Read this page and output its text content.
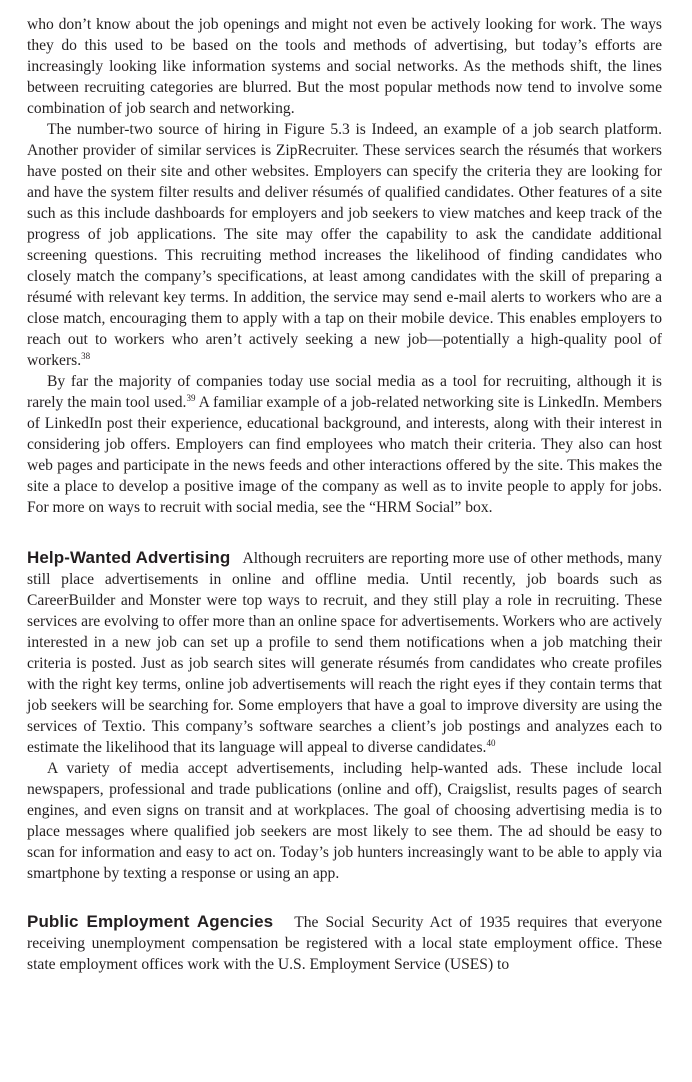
who don’t know about the job openings and might not even be actively looking for work. The ways they do this used to be based on the tools and methods of advertising, but today’s efforts are increasingly looking like information systems and social networks. As the methods shift, the lines between recruiting categories are blurred. But the most popular methods now tend to involve some combination of job search and networking.

The number-two source of hiring in Figure 5.3 is Indeed, an example of a job search platform. Another provider of similar services is ZipRecruiter. These services search the résumés that workers have posted on their site and other websites. Employers can specify the criteria they are looking for and have the system filter results and deliver résumés of qualified candidates. Other features of a site such as this include dashboards for employers and job seekers to view matches and keep track of the progress of job applications. The site may offer the capability to ask the candidate additional screening questions. This recruiting method increases the likelihood of finding candidates who closely match the company’s specifications, at least among candidates with the skill of preparing a résumé with relevant key terms. In addition, the service may send e-mail alerts to workers who are a close match, encouraging them to apply with a tap on their mobile device. This enables employers to reach out to workers who aren’t actively seeking a new job—potentially a high-quality pool of workers.$^{38}$

By far the majority of companies today use social media as a tool for recruiting, although it is rarely the main tool used.$^{39}$ A familiar example of a job-related networking site is LinkedIn. Members of LinkedIn post their experience, educational background, and interests, along with their interest in considering job offers. Employers can find employees who match their criteria. They also can host web pages and participate in the news feeds and other interactions offered by the site. This makes the site a place to develop a positive image of the company as well as to invite people to apply for jobs. For more on ways to recruit with social media, see the “HRM Social” box.

Help-Wanted Advertising Although recruiters are reporting more use of other methods, many still place advertisements in online and offline media. Until recently, job boards such as CareerBuilder and Monster were top ways to recruit, and they still play a role in recruiting. These services are evolving to offer more than an online space for advertisements. Workers who are actively interested in a new job can set up a profile to send them notifications when a job matching their criteria is posted. Just as job search sites will generate résumés from candidates who create profiles with the right key terms, online job advertisements will reach the right eyes if they contain terms that job seekers will be searching for. Some employers that have a goal to improve diversity are using the services of Textio. This company’s software searches a client’s job postings and analyzes each to estimate the likelihood that its language will appeal to diverse candidates.$^{40}$

A variety of media accept advertisements, including help-wanted ads. These include local newspapers, professional and trade publications (online and off), Craigslist, results pages of search engines, and even signs on transit and at workplaces. The goal of choosing advertising media is to place messages where qualified job seekers are most likely to see them. The ad should be easy to scan for information and easy to act on. Today’s job hunters increasingly want to be able to apply via smartphone by texting a response or using an app.

Public Employment Agencies The Social Security Act of 1935 requires that everyone receiving unemployment compensation be registered with a local state employment office. These state employment offices work with the U.S. Employment Service (USES) to
